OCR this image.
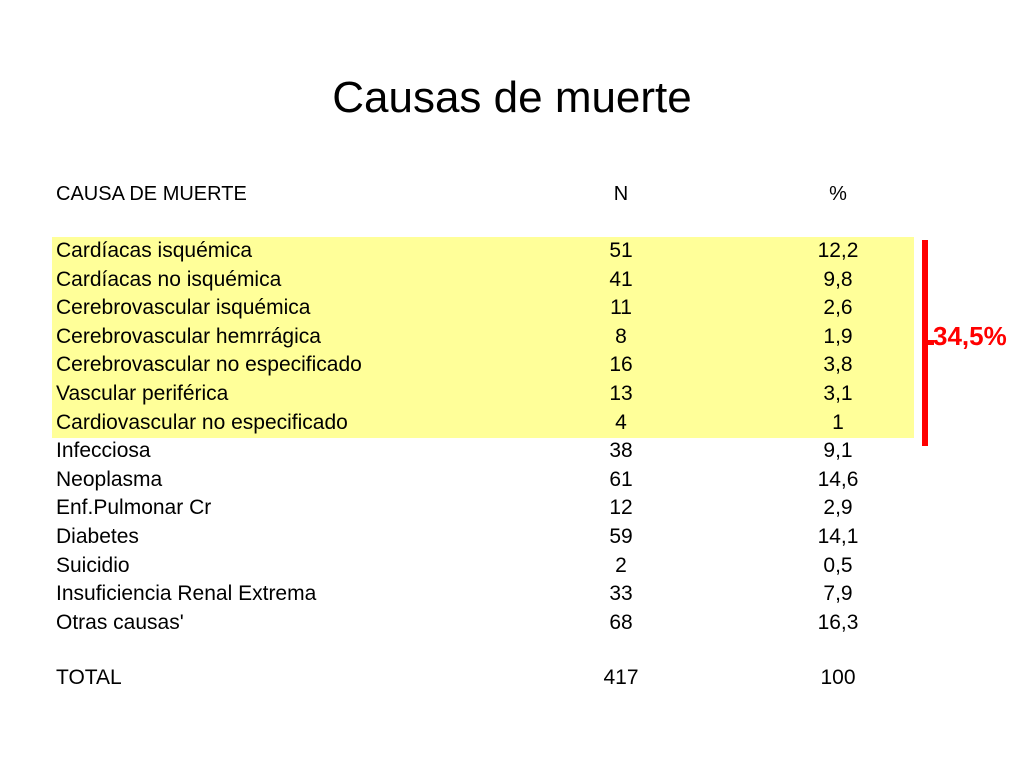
Causas de muerte
CAUSA DE MUERTE	N	%
Cardíacas isquémica	51	12,2
Cardíacas no isquémica	41	9,8
Cerebrovascular isquémica	11	2,6
Cerebrovascular hemrrágica	8	1,9
Cerebrovascular no especificado	16	3,8
Vascular periférica	13	3,1
Cardiovascular no especificado	4	1
Infecciosa	38	9,1
Neoplasma	61	14,6
Enf.Pulmonar Cr	12	2,9
Diabetes	59	14,1
Suicidio	2	0,5
Insuficiencia Renal Extrema	33	7,9
Otras causas'	68	16,3
TOTAL	417	100
34,5%
